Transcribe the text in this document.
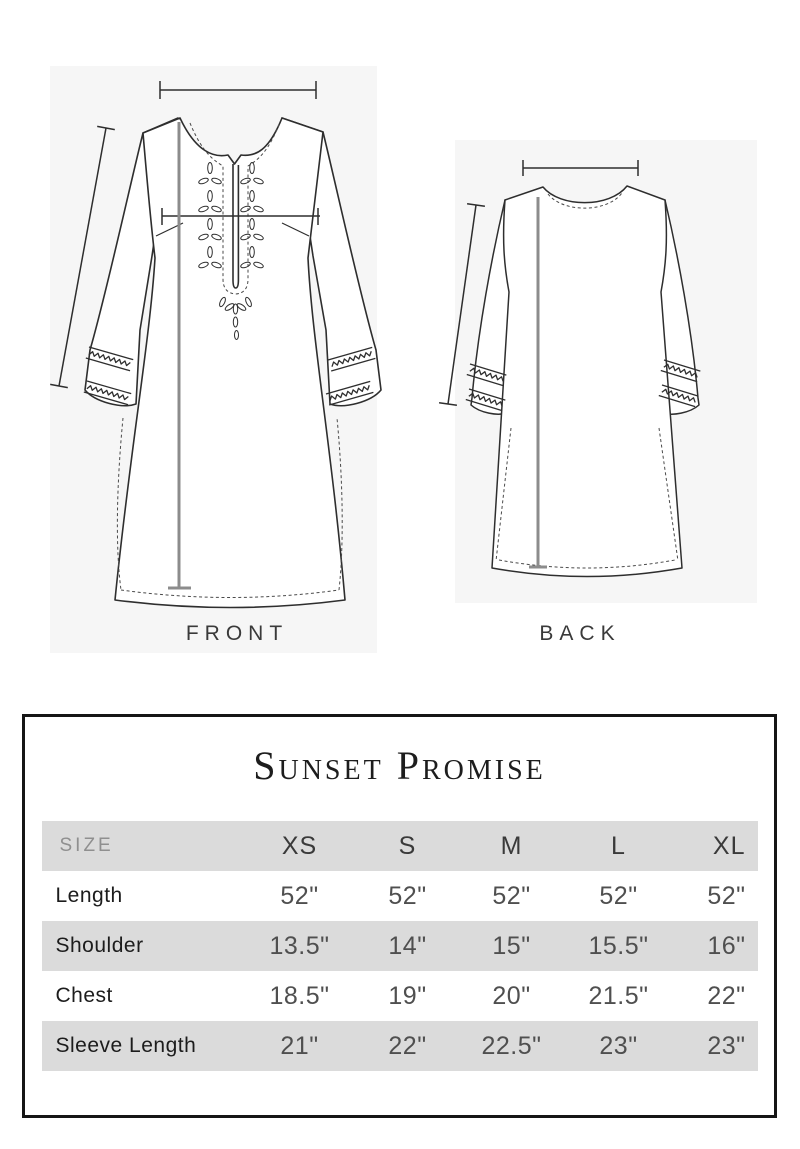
FRONT	BACK
Sunset Promise
SIZE	XS	S	M	L	XL
Length	52"	52"	52"	52"	52"
Shoulder	13.5"	14"	15"	15.5"	16"
Chest	18.5"	19"	20"	21.5"	22"
Sleeve Length	21"	22"	22.5"	23"	23"
